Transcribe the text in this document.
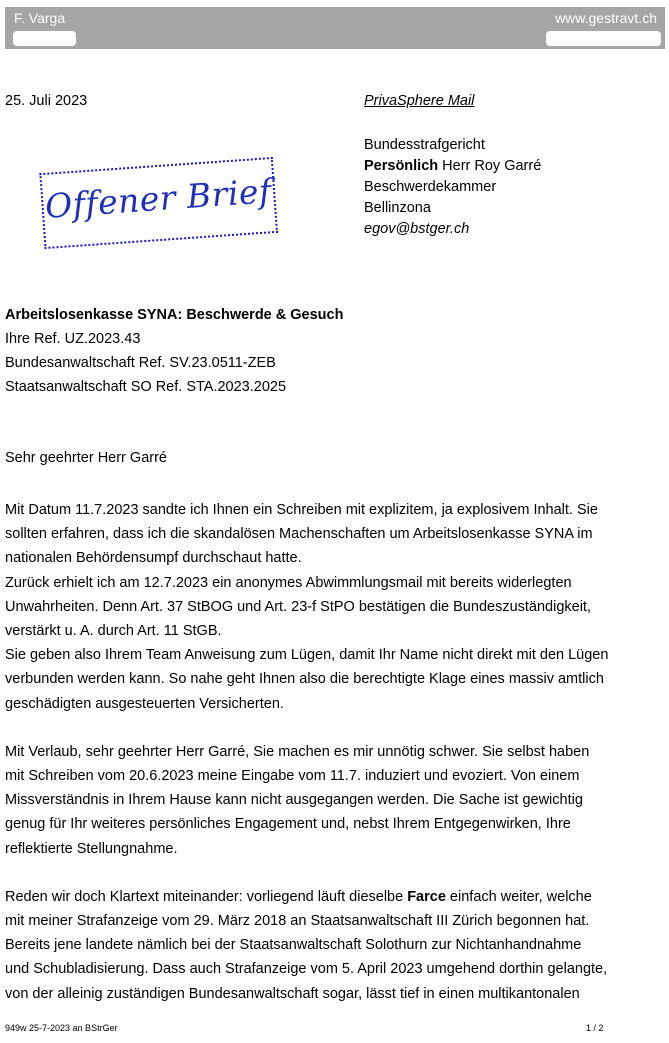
F. Varga	www.gestravt.ch
25. Juli 2023	PrivaSphere Mail
Bundesstrafgericht
Persönlich Herr Roy Garré
Beschwerdekammer
Bellinzona
egov@bstger.ch
Offener Brief
Arbeitslosenkasse SYNA: Beschwerde & Gesuch
Ihre Ref. UZ.2023.43
Bundesanwaltschaft Ref. SV.23.0511-ZEB
Staatsanwaltschaft SO Ref. STA.2023.2025
Sehr geehrter Herr Garré
Mit Datum 11.7.2023 sandte ich Ihnen ein Schreiben mit explizitem, ja explosivem Inhalt. Sie
sollten erfahren, dass ich die skandalösen Machenschaften um Arbeitslosenkasse SYNA im
nationalen Behördensumpf durchschaut hatte.
Zurück erhielt ich am 12.7.2023 ein anonymes Abwimmlungsmail mit bereits widerlegten
Unwahrheiten. Denn Art. 37 StBOG und Art. 23-f StPO bestätigen die Bundeszuständigkeit,
verstärkt u. A. durch Art. 11 StGB.
Sie geben also Ihrem Team Anweisung zum Lügen, damit Ihr Name nicht direkt mit den Lügen
verbunden werden kann. So nahe geht Ihnen also die berechtigte Klage eines massiv amtlich
geschädigten ausgesteuerten Versicherten.
Mit Verlaub, sehr geehrter Herr Garré, Sie machen es mir unnötig schwer. Sie selbst haben
mit Schreiben vom 20.6.2023 meine Eingabe vom 11.7. induziert und evoziert. Von einem
Missverständnis in Ihrem Hause kann nicht ausgegangen werden. Die Sache ist gewichtig
genug für Ihr weiteres persönliches Engagement und, nebst Ihrem Entgegenwirken, Ihre
reflektierte Stellungnahme.
Reden wir doch Klartext miteinander: vorliegend läuft dieselbe Farce einfach weiter, welche
mit meiner Strafanzeige vom 29. März 2018 an Staatsanwaltschaft III Zürich begonnen hat.
Bereits jene landete nämlich bei der Staatsanwaltschaft Solothurn zur Nichtanhandnahme
und Schubladisierung. Dass auch Strafanzeige vom 5. April 2023 umgehend dorthin gelangte,
von der alleinig zuständigen Bundesanwaltschaft sogar, lässt tief in einen multikantonalen
949w 25-7-2023 an BStrGer	1 / 2
